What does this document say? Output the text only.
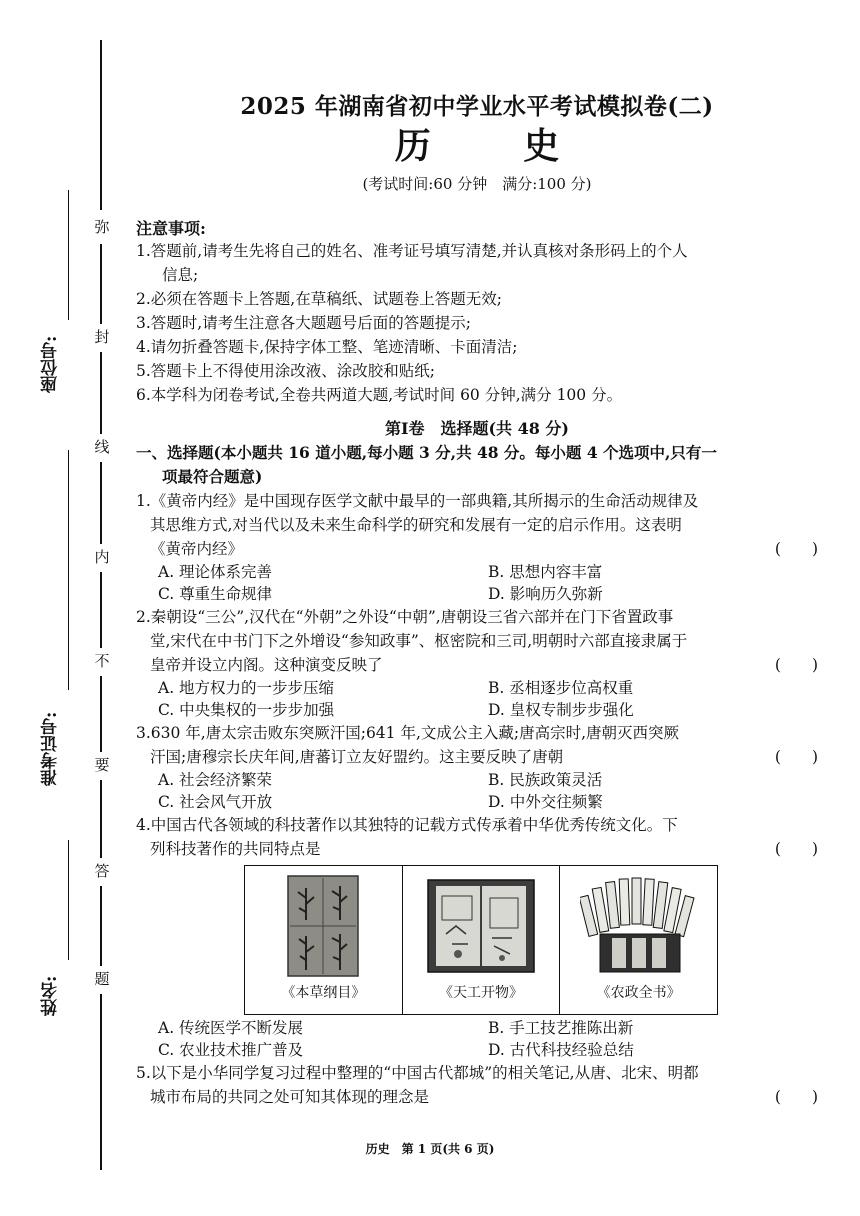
弥
封
线
内
不
要
答
题
座位号:
准考证号:
姓名:
2025 年湖南省初中学业水平考试模拟卷(二)
历 史
(考试时间:60 分钟　满分:100 分)
注意事项:
1.答题前,请考生先将自己的姓名、准考证号填写清楚,并认真核对条形码上的个人
信息;
2.必须在答题卡上答题,在草稿纸、试题卷上答题无效;
3.答题时,请考生注意各大题题号后面的答题提示;
4.请勿折叠答题卡,保持字体工整、笔迹清晰、卡面清洁;
5.答题卡上不得使用涂改液、涂改胶和贴纸;
6.本学科为闭卷考试,全卷共两道大题,考试时间 60 分钟,满分 100 分。
第Ⅰ卷　选择题(共 48 分)
一、选择题(本小题共 16 道小题,每小题 3 分,共 48 分。每小题 4 个选项中,只有一
项最符合题意)
1.《黄帝内经》是中国现存医学文献中最早的一部典籍,其所揭示的生命活动规律及
其思维方式,对当代以及未来生命科学的研究和发展有一定的启示作用。这表明
《黄帝内经》	(　　)
A. 理论体系完善	B. 思想内容丰富
C. 尊重生命规律	D. 影响历久弥新
2.秦朝设“三公”,汉代在“外朝”之外设“中朝”,唐朝设三省六部并在门下省置政事
堂,宋代在中书门下之外增设“参知政事”、枢密院和三司,明朝时六部直接隶属于
皇帝并设立内阁。这种演变反映了	(　　)
A. 地方权力的一步步压缩	B. 丞相逐步位高权重
C. 中央集权的一步步加强	D. 皇权专制步步强化
3.630 年,唐太宗击败东突厥汗国;641 年,文成公主入藏;唐高宗时,唐朝灭西突厥
汗国;唐穆宗长庆年间,唐蕃订立友好盟约。这主要反映了唐朝	(　　)
A. 社会经济繁荣	B. 民族政策灵活
C. 社会风气开放	D. 中外交往频繁
4.中国古代各领域的科技著作以其独特的记载方式传承着中华优秀传统文化。下
列科技著作的共同特点是	(　　)
《本草纲目》	《天工开物》	《农政全书》
A. 传统医学不断发展	B. 手工技艺推陈出新
C. 农业技术推广普及	D. 古代科技经验总结
5.以下是小华同学复习过程中整理的“中国古代都城”的相关笔记,从唐、北宋、明都
城市布局的共同之处可知其体现的理念是	(　　)
历史　第 1 页(共 6 页)
